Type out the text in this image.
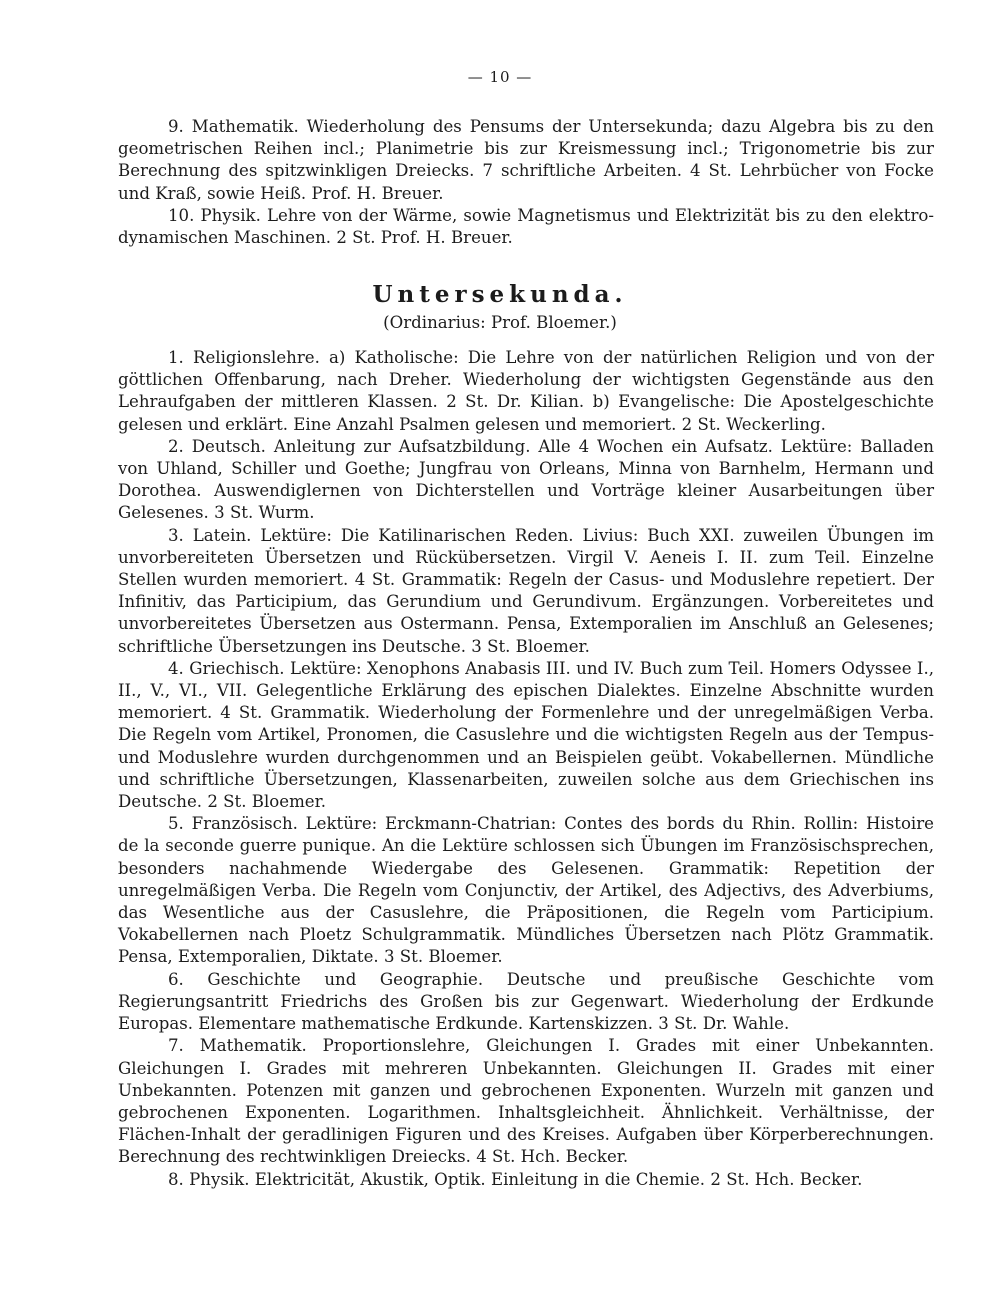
— 10 —

9. Mathematik. Wiederholung des Pensums der Untersekunda; dazu Algebra bis zu den geometrischen Reihen incl.; Planimetrie bis zur Kreismessung incl.; Trigonometrie bis zur Berechnung des spitzwinkligen Dreiecks. 7 schriftliche Arbeiten. 4 St. Lehrbücher von Focke und Kraß, sowie Heiß. Prof. H. Breuer.

10. Physik. Lehre von der Wärme, sowie Magnetismus und Elektrizität bis zu den elektro-dynamischen Maschinen. 2 St. Prof. H. Breuer.

Untersekunda.
(Ordinarius: Prof. Bloemer.)

1. Religionslehre. a) Katholische: Die Lehre von der natürlichen Religion und von der göttlichen Offenbarung, nach Dreher. Wiederholung der wichtigsten Gegenstände aus den Lehraufgaben der mittleren Klassen. 2 St. Dr. Kilian. b) Evangelische: Die Apostelgeschichte gelesen und erklärt. Eine Anzahl Psalmen gelesen und memoriert. 2 St. Weckerling.

2. Deutsch. Anleitung zur Aufsatzbildung. Alle 4 Wochen ein Aufsatz. Lektüre: Balladen von Uhland, Schiller und Goethe; Jungfrau von Orleans, Minna von Barnhelm, Hermann und Dorothea. Auswendiglernen von Dichterstellen und Vorträge kleiner Ausarbeitungen über Gelesenes. 3 St. Wurm.

3. Latein. Lektüre: Die Katilinarischen Reden. Livius: Buch XXI. zuweilen Übungen im unvorbereiteten Übersetzen und Rückübersetzen. Virgil V. Aeneis I. II. zum Teil. Einzelne Stellen wurden memoriert. 4 St. Grammatik: Regeln der Casus- und Moduslehre repetiert. Der Infinitiv, das Participium, das Gerundium und Gerundivum. Ergänzungen. Vorbereitetes und unvorbereitetes Übersetzen aus Ostermann. Pensa, Extemporalien im Anschluß an Gelesenes; schriftliche Übersetzungen ins Deutsche. 3 St. Bloemer.

4. Griechisch. Lektüre: Xenophons Anabasis III. und IV. Buch zum Teil. Homers Odyssee I., II., V., VI., VII. Gelegentliche Erklärung des epischen Dialektes. Einzelne Abschnitte wurden memoriert. 4 St. Grammatik. Wiederholung der Formenlehre und der unregelmäßigen Verba. Die Regeln vom Artikel, Pronomen, die Casuslehre und die wichtigsten Regeln aus der Tempus- und Moduslehre wurden durchgenommen und an Beispielen geübt. Vokabellernen. Mündliche und schriftliche Übersetzungen, Klassenarbeiten, zuweilen solche aus dem Griechischen ins Deutsche. 2 St. Bloemer.

5. Französisch. Lektüre: Erckmann-Chatrian: Contes des bords du Rhin. Rollin: Histoire de la seconde guerre punique. An die Lektüre schlossen sich Übungen im Französischsprechen, besonders nachahmende Wiedergabe des Gelesenen. Grammatik: Repetition der unregelmäßigen Verba. Die Regeln vom Conjunctiv, der Artikel, des Adjectivs, des Adverbiums, das Wesentliche aus der Casuslehre, die Präpositionen, die Regeln vom Participium. Vokabellernen nach Ploetz Schulgrammatik. Mündliches Übersetzen nach Plötz Grammatik. Pensa, Extemporalien, Diktate. 3 St. Bloemer.

6. Geschichte und Geographie. Deutsche und preußische Geschichte vom Regierungsantritt Friedrichs des Großen bis zur Gegenwart. Wiederholung der Erdkunde Europas. Elementare mathematische Erdkunde. Kartenskizzen. 3 St. Dr. Wahle.

7. Mathematik. Proportionslehre, Gleichungen I. Grades mit einer Unbekannten. Gleichungen I. Grades mit mehreren Unbekannten. Gleichungen II. Grades mit einer Unbekannten. Potenzen mit ganzen und gebrochenen Exponenten. Wurzeln mit ganzen und gebrochenen Exponenten. Logarithmen. Inhaltsgleichheit. Ähnlichkeit. Verhältnisse, der Flächen-Inhalt der geradlinigen Figuren und des Kreises. Aufgaben über Körperberechnungen. Berechnung des rechtwinkligen Dreiecks. 4 St. Hch. Becker.

8. Physik. Elektricität, Akustik, Optik. Einleitung in die Chemie. 2 St. Hch. Becker.
